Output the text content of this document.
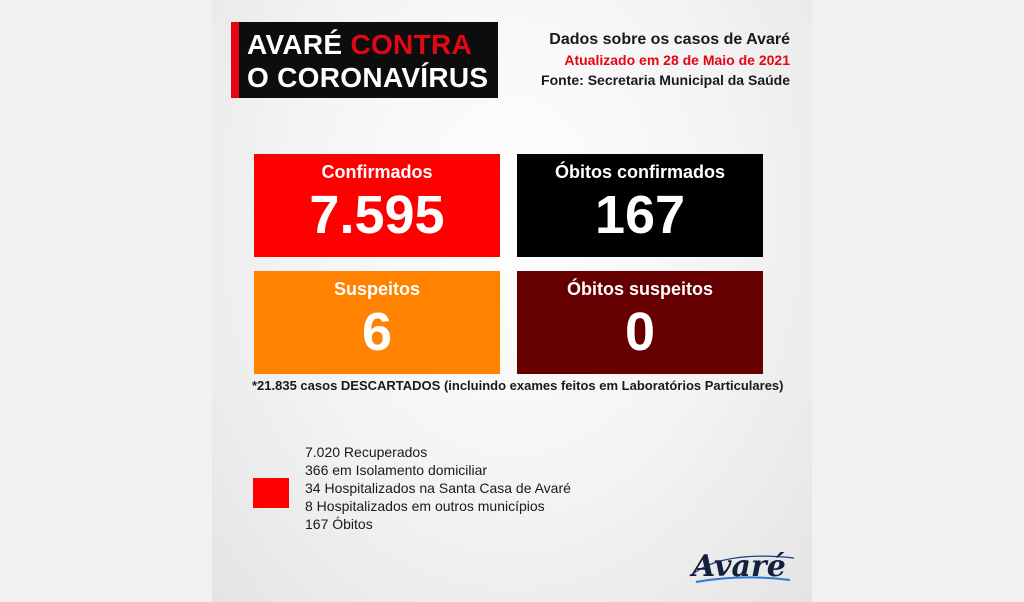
AVARÉ CONTRA
O CORONAVÍRUS
Dados sobre os casos de Avaré
Atualizado em 28 de Maio de 2021
Fonte: Secretaria Municipal da Saúde
Confirmados
7.595
Óbitos confirmados
167
Suspeitos
6
Óbitos suspeitos
0
*21.835 casos DESCARTADOS (incluindo exames feitos em Laboratórios Particulares)
7.020 Recuperados
366 em Isolamento domiciliar
34 Hospitalizados na Santa Casa de Avaré
8 Hospitalizados em outros municípios
167 Óbitos
Avaré
